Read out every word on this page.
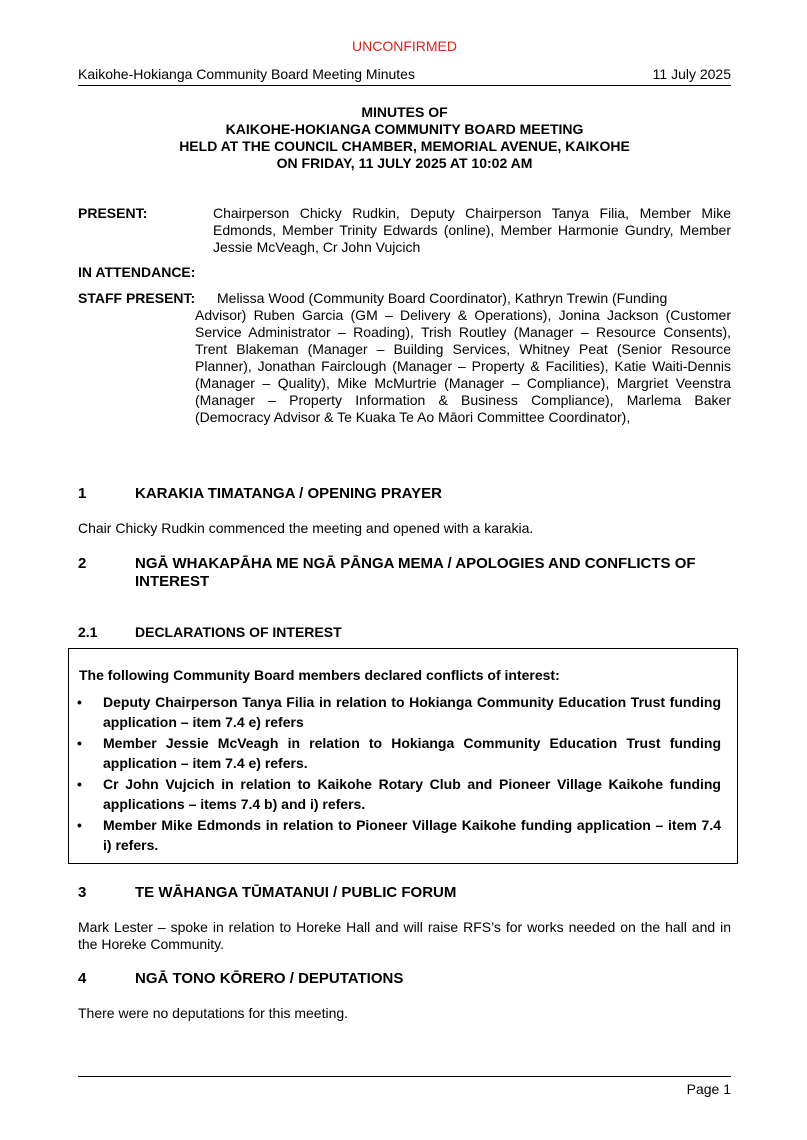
UNCONFIRMED
Kaikohe-Hokianga Community Board Meeting Minutes	11 July 2025
MINUTES OF
KAIKOHE-HOKIANGA COMMUNITY BOARD MEETING
HELD AT THE COUNCIL CHAMBER, MEMORIAL AVENUE, KAIKOHE
ON FRIDAY, 11 JULY 2025 AT 10:02 AM
PRESENT:	Chairperson Chicky Rudkin, Deputy Chairperson Tanya Filia, Member Mike Edmonds, Member Trinity Edwards (online), Member Harmonie Gundry, Member Jessie McVeagh, Cr John Vujcich
IN ATTENDANCE:
STAFF PRESENT: Melissa Wood (Community Board Coordinator), Kathryn Trewin (Funding
Advisor) Ruben Garcia (GM – Delivery & Operations), Jonina Jackson (Customer Service Administrator – Roading), Trish Routley (Manager – Resource Consents), Trent Blakeman (Manager – Building Services, Whitney Peat (Senior Resource Planner), Jonathan Fairclough (Manager – Property & Facilities), Katie Waiti-Dennis (Manager – Quality), Mike McMurtrie (Manager – Compliance), Margriet Veenstra (Manager – Property Information & Business Compliance), Marlema Baker (Democracy Advisor & Te Kuaka Te Ao Māori Committee Coordinator),
1	KARAKIA TIMATANGA / OPENING PRAYER
Chair Chicky Rudkin commenced the meeting and opened with a karakia.
2	NGĀ WHAKAPĀHA ME NGĀ PĀNGA MEMA / APOLOGIES AND CONFLICTS OF INTEREST
2.1	DECLARATIONS OF INTEREST
The following Community Board members declared conflicts of interest:
• Deputy Chairperson Tanya Filia in relation to Hokianga Community Education Trust funding application – item 7.4 e) refers
• Member Jessie McVeagh in relation to Hokianga Community Education Trust funding application – item 7.4 e) refers.
• Cr John Vujcich in relation to Kaikohe Rotary Club and Pioneer Village Kaikohe funding applications – items 7.4 b) and i) refers.
• Member Mike Edmonds in relation to Pioneer Village Kaikohe funding application – item 7.4 i) refers.
3	TE WĀHANGA TŪMATANUI / PUBLIC FORUM
Mark Lester – spoke in relation to Horeke Hall and will raise RFS’s for works needed on the hall and in the Horeke Community.
4	NGĀ TONO KŌRERO / DEPUTATIONS
There were no deputations for this meeting.
Page 1
